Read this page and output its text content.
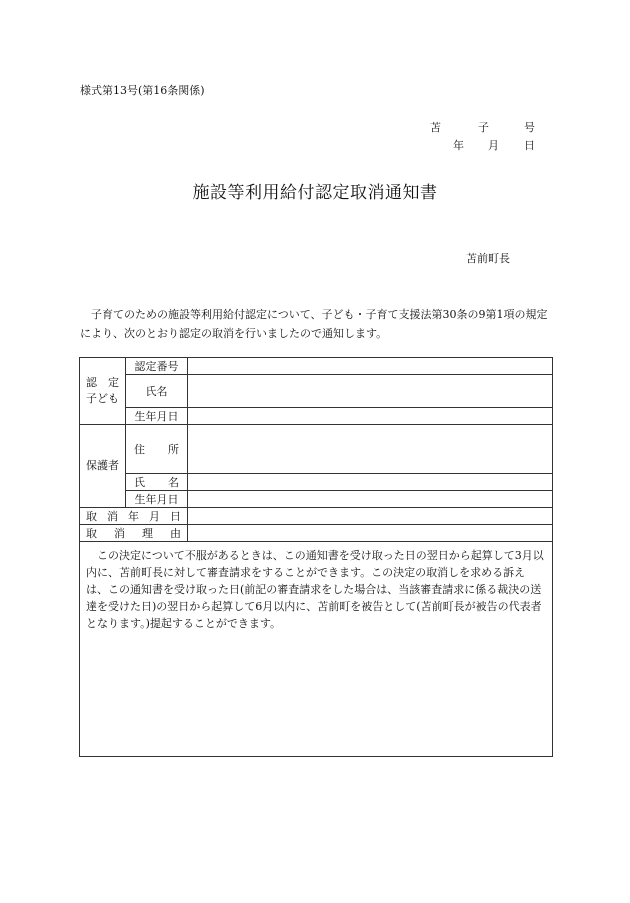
様式第13号(第16条関係)
苫	子	号
年 月 日
施設等利用給付認定取消通知書
苫前町長
子育てのための施設等利用給付認定について、子ども・子育て支援法第30条の9第1項の規定により、次のとおり認定の取消を行いましたので通知します。
認　定
子ども	認定番号	
	氏名	
	生年月日	
保護者	住 所	

	氏 名	

	生年月日	

取 消 年 月 日		

取 消 理 由		

この決定について不服があるときは、この通知書を受け取った日の翌日から起算して3月以内に、苫前町長に対して審査請求をすることができます。この決定の取消しを求める訴えは、この通知書を受け取った日(前記の審査請求をした場合は、当該審査請求に係る裁決の送達を受けた日)の翌日から起算して6月以内に、苫前町を被告として(苫前町長が被告の代表者となります。)提起することができます。		
